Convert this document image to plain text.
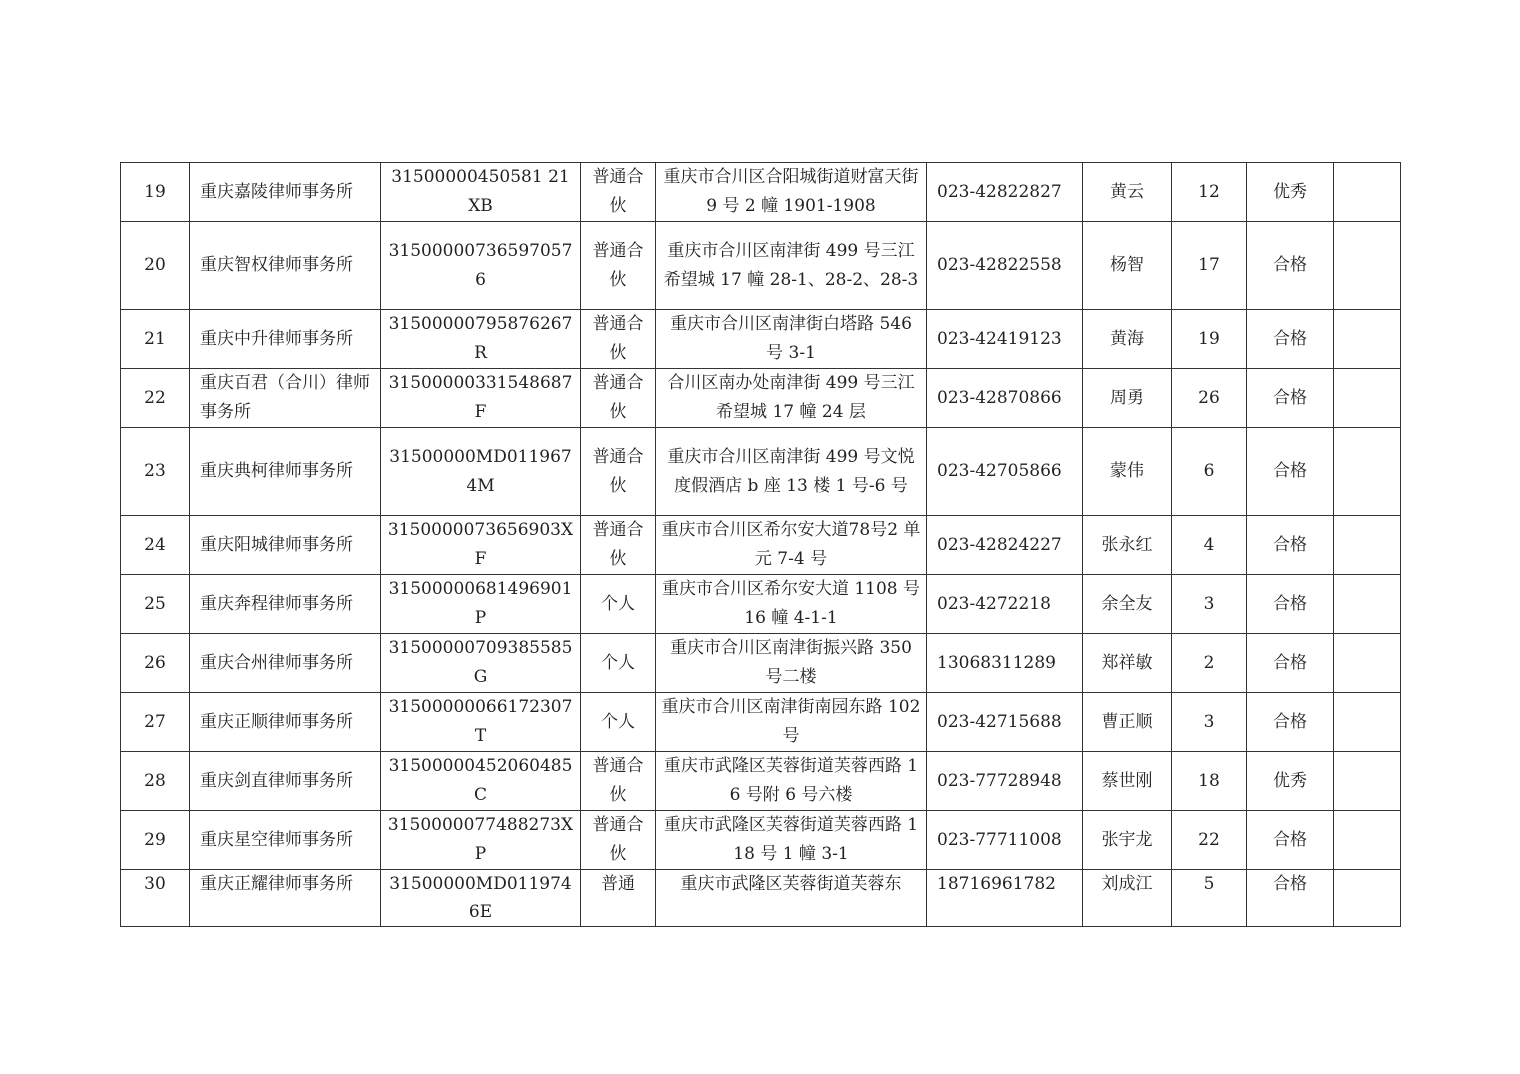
19	重庆嘉陵律师事务所	31500000450581 21XB	普通合伙	重庆市合川区合阳城街道财富天街 9 号 2 幢 1901-1908	023-42822827	黄云	12	优秀	
20	重庆智权律师事务所	315000007365970576	普通合伙	重庆市合川区南津街 499 号三江希望城 17 幢 28-1、28-2、28-3	023-42822558	杨智	17	合格	
21	重庆中升律师事务所	31500000795876267R	普通合伙	重庆市合川区南津街白塔路 546 号 3-1	023-42419123	黄海	19	合格	
22	重庆百君（合川）律师事务所	31500000331548687F	普通合伙	合川区南办处南津街 499 号三江希望城 17 幢 24 层	023-42870866	周勇	26	合格	
23	重庆典柯律师事务所	31500000MD0119674M	普通合伙	重庆市合川区南津街 499 号文悦度假酒店 b 座 13 楼 1 号-6 号	023-42705866	蒙伟	6	合格	
24	重庆阳城律师事务所	3150000073656903XF	普通合伙	重庆市合川区希尔安大道78号2 单元 7-4 号	023-42824227	张永红	4	合格	
25	重庆奔程律师事务所	31500000681496901P	个人	重庆市合川区希尔安大道 1108 号 16 幢 4-1-1	023-4272218	余全友	3	合格	
26	重庆合州律师事务所	31500000709385585G	个人	重庆市合川区南津街振兴路 350 号二楼	13068311289	郑祥敏	2	合格	
27	重庆正顺律师事务所	31500000066172307T	个人	重庆市合川区南津街南园东路 102 号	023-42715688	曹正顺	3	合格	
28	重庆剑直律师事务所	31500000452060485C	普通合伙	重庆市武隆区芙蓉街道芙蓉西路 16 号附 6 号六楼	023-77728948	蔡世刚	18	优秀	
29	重庆星空律师事务所	3150000077488273XP	普通合伙	重庆市武隆区芙蓉街道芙蓉西路 118 号 1 幢 3-1	023-77711008	张宇龙	22	合格	
30	重庆正耀律师事务所	31500000MD0119746E	普通	重庆市武隆区芙蓉街道芙蓉东	18716961782	刘成江	5	合格	
